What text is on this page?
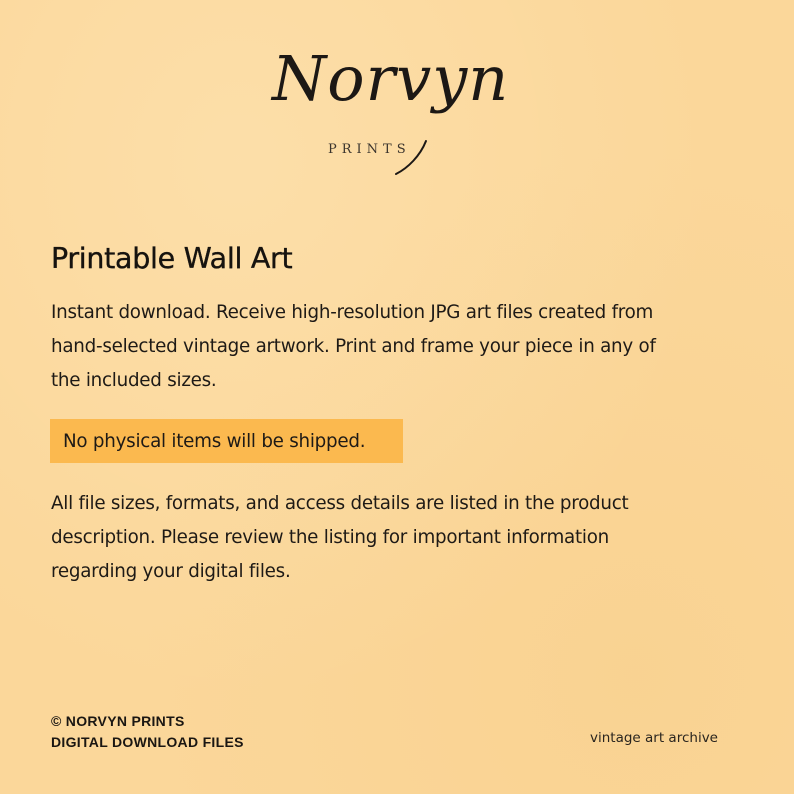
Norvyn
PRINTS
Printable Wall Art

Instant download. Receive high-resolution JPG art files created from
hand-selected vintage artwork. Print and frame your piece in any of
the included sizes.

No physical items will be shipped.

All file sizes, formats, and access details are listed in the product
description. Please review the listing for important information
regarding your digital files.

© NORVYN PRINTS
DIGITAL DOWNLOAD FILES	vintage art archive
